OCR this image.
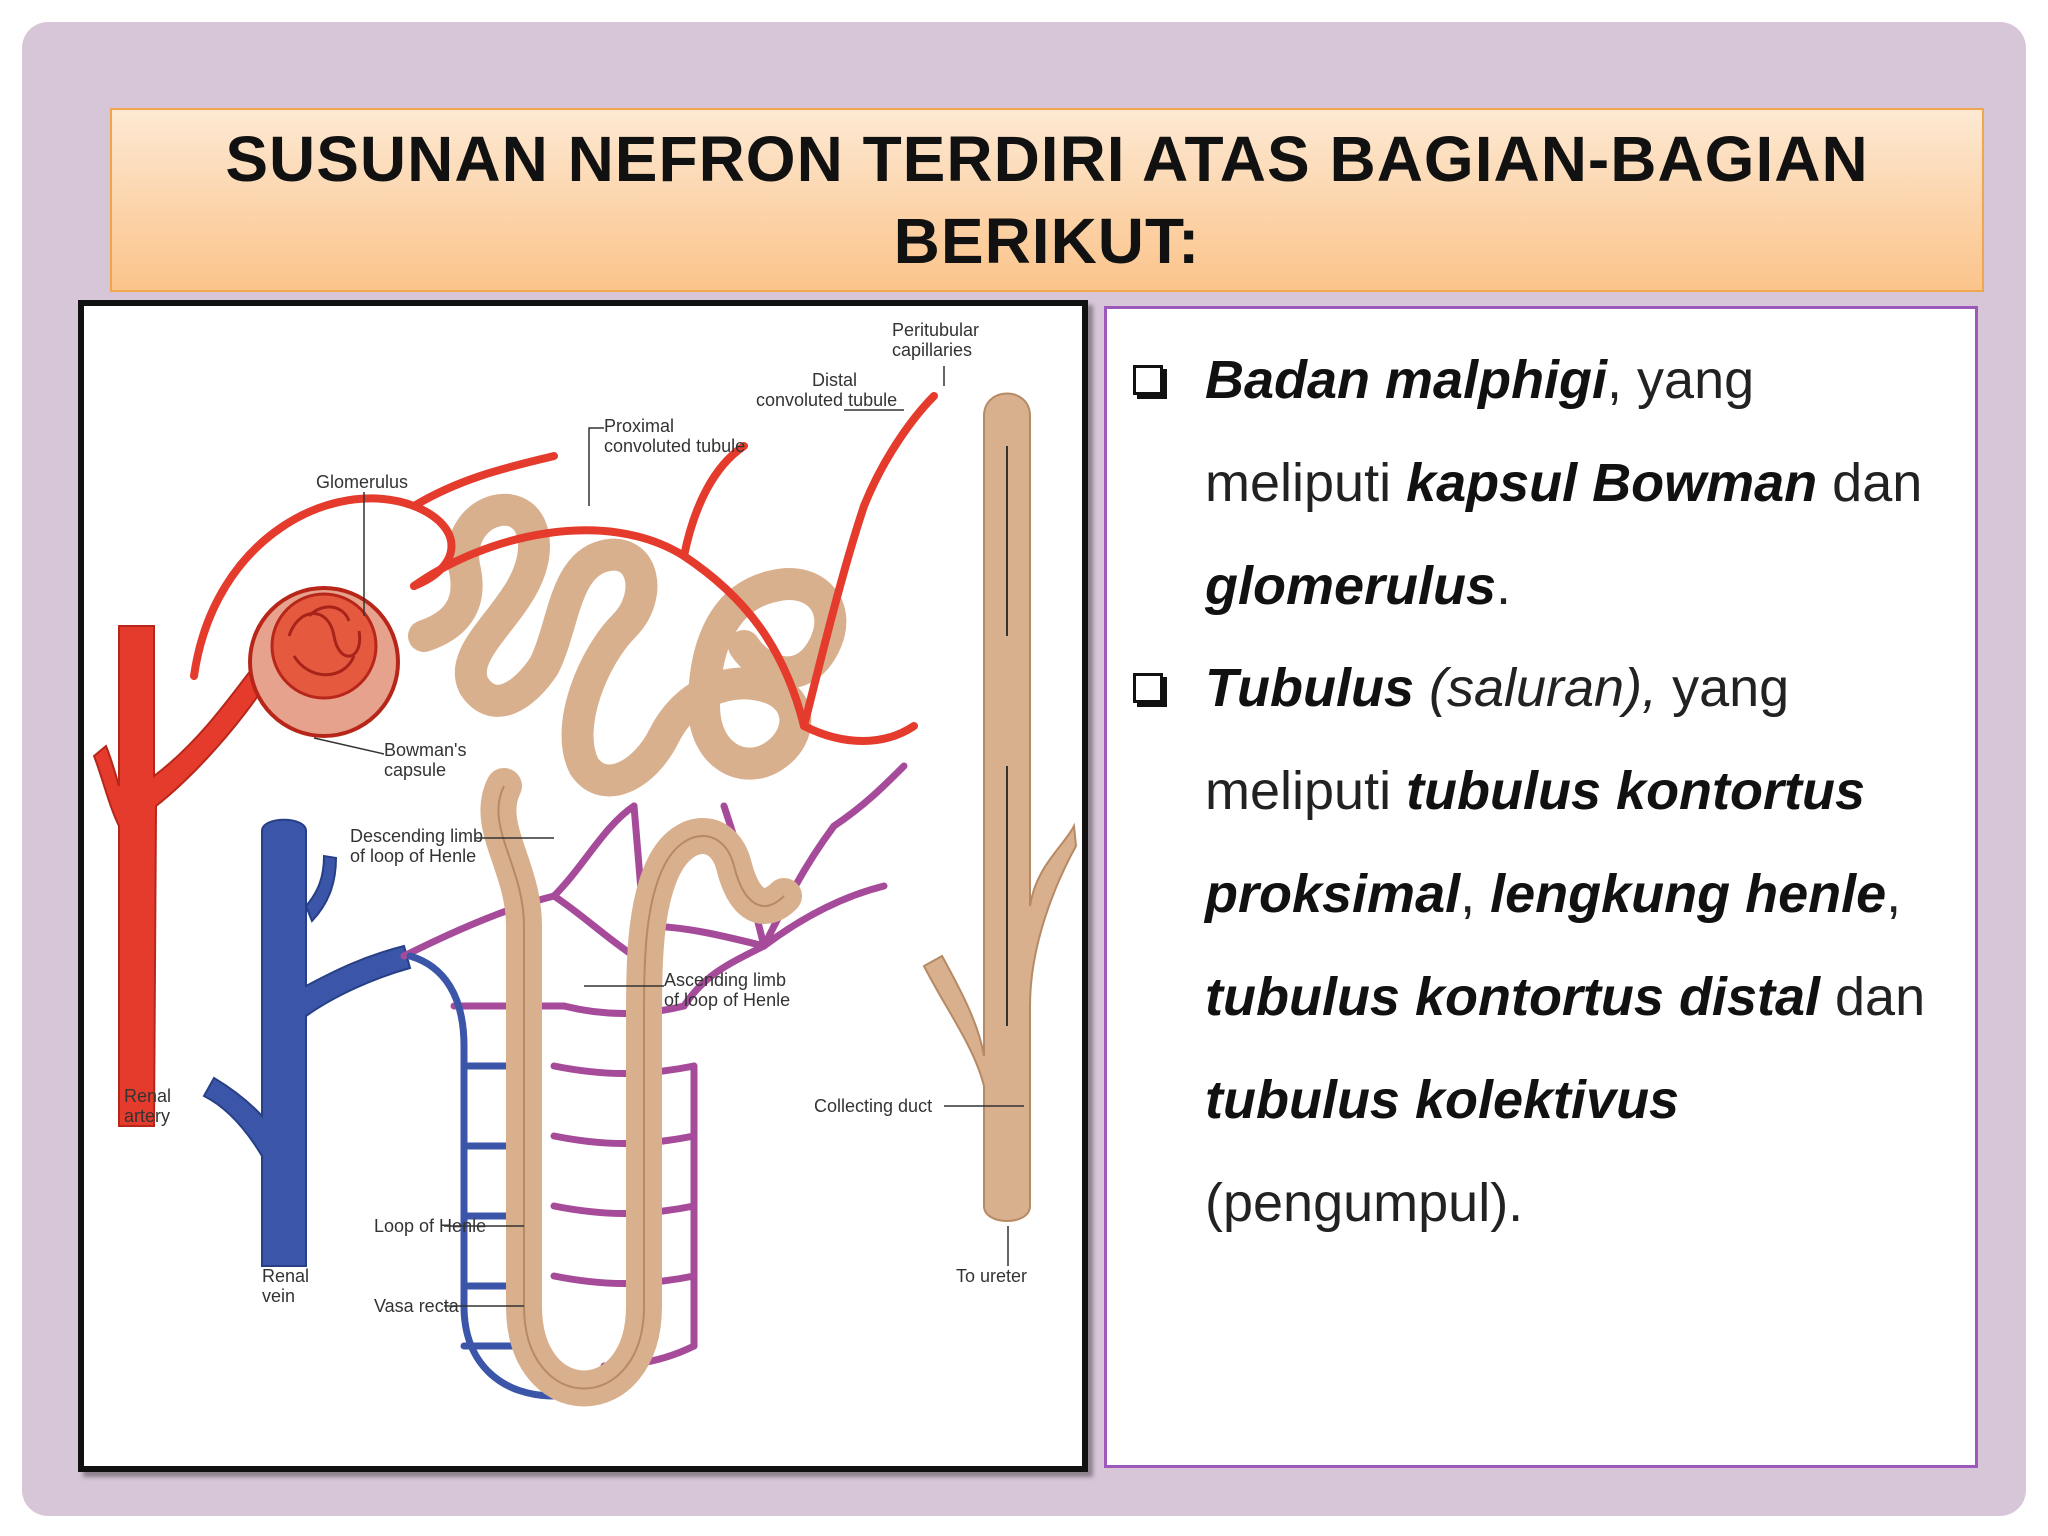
SUSUNAN NEFRON TERDIRI ATAS BAGIAN-BAGIAN BERIKUT:
Peritubular capillaries
Distal convoluted tubule
Proximal convoluted tubule
Glomerulus
Bowman's capsule
Descending limb of loop of Henle
Ascending limb of loop of Henle
Renal artery	Collecting duct
Loop of Henle
Renal vein
To ureter
Vasa recta
Badan malphigi, yang meliputi kapsul Bowman dan glomerulus.
Tubulus (saluran), yang meliputi tubulus kontortus proksimal, lengkung henle, tubulus kontortus distal dan tubulus kolektivus (pengumpul).
